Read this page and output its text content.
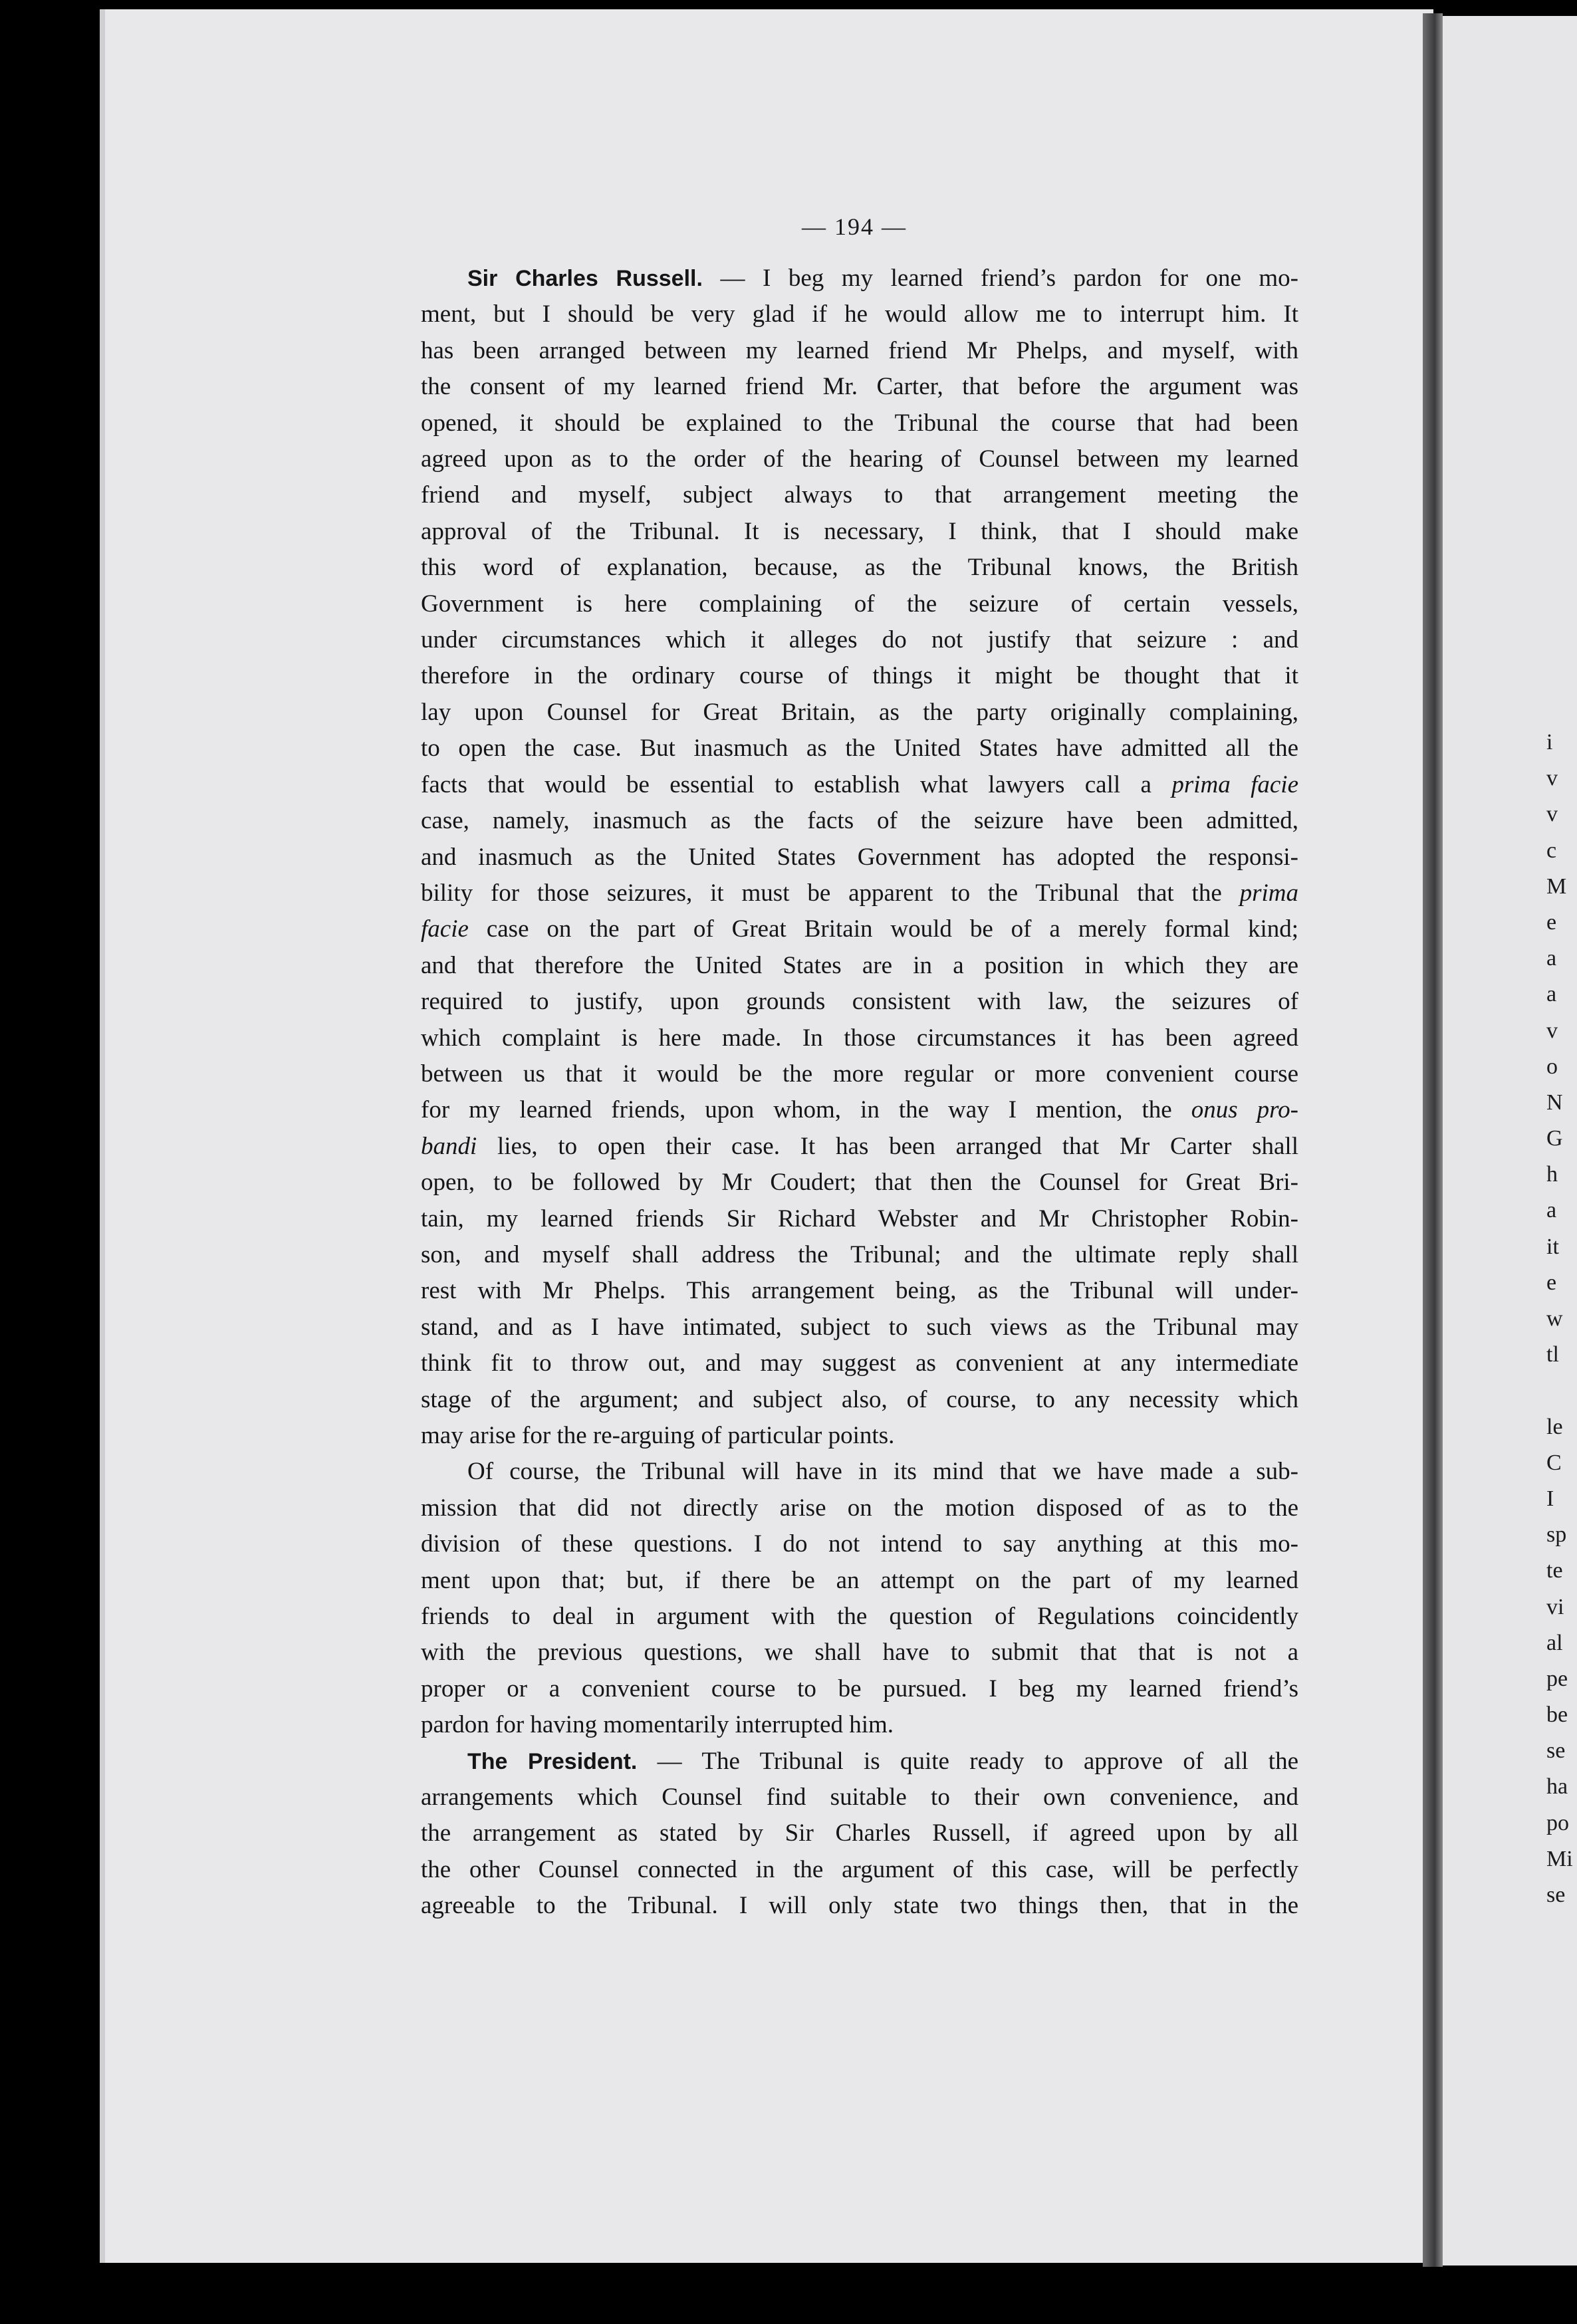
i
v
v
c
M
e
a
a
v
o
N
G
h
a
it
e
w
tl
le
C
I
sp
te
vi
al
pe
be
se
ha
po
Mi
se
— 194 —
Sir Charles Russell. — I beg my learned friend’s pardon for one mo-
ment, but I should be very glad if he would allow me to interrupt him. It
has been arranged between my learned friend Mr Phelps, and myself, with
the consent of my learned friend Mr. Carter, that before the argument was
opened, it should be explained to the Tribunal the course that had been
agreed upon as to the order of the hearing of Counsel between my learned
friend and myself, subject always to that arrangement meeting the
approval of the Tribunal. It is necessary, I think, that I should make
this word of explanation, because, as the Tribunal knows, the British
Government is here complaining of the seizure of certain vessels,
under circumstances which it alleges do not justify that seizure : and
therefore in the ordinary course of things it might be thought that it
lay upon Counsel for Great Britain, as the party originally complaining,
to open the case. But inasmuch as the United States have admitted all the
facts that would be essential to establish what lawyers call a prima facie
case, namely, inasmuch as the facts of the seizure have been admitted,
and inasmuch as the United States Government has adopted the responsi-
bility for those seizures, it must be apparent to the Tribunal that the prima
facie case on the part of Great Britain would be of a merely formal kind;
and that therefore the United States are in a position in which they are
required to justify, upon grounds consistent with law, the seizures of
which complaint is here made. In those circumstances it has been agreed
between us that it would be the more regular or more convenient course
for my learned friends, upon whom, in the way I mention, the onus pro-
bandi lies, to open their case. It has been arranged that Mr Carter shall
open, to be followed by Mr Coudert; that then the Counsel for Great Bri-
tain, my learned friends Sir Richard Webster and Mr Christopher Robin-
son, and myself shall address the Tribunal; and the ultimate reply shall
rest with Mr Phelps. This arrangement being, as the Tribunal will under-
stand, and as I have intimated, subject to such views as the Tribunal may
think fit to throw out, and may suggest as convenient at any intermediate
stage of the argument; and subject also, of course, to any necessity which
may arise for the re-arguing of particular points.
Of course, the Tribunal will have in its mind that we have made a sub-
mission that did not directly arise on the motion disposed of as to the
division of these questions. I do not intend to say anything at this mo-
ment upon that; but, if there be an attempt on the part of my learned
friends to deal in argument with the question of Regulations coincidently
with the previous questions, we shall have to submit that that is not a
proper or a convenient course to be pursued. I beg my learned friend’s
pardon for having momentarily interrupted him.
The President. — The Tribunal is quite ready to approve of all the
arrangements which Counsel find suitable to their own convenience, and
the arrangement as stated by Sir Charles Russell, if agreed upon by all
the other Counsel connected in the argument of this case, will be perfectly
agreeable to the Tribunal. I will only state two things then, that in the
